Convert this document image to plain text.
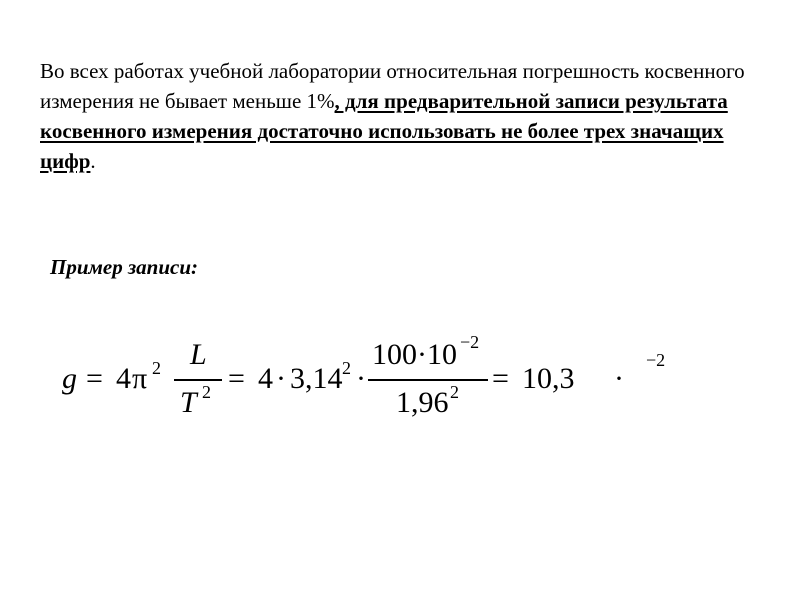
Во всех работах учебной лаборатории относительная погрешность косвенного измерения не бывает меньше 1%, для предварительной записи результата косвенного измерения достаточно использовать не более трех значащих цифр.
Пример записи:
g = 4 π 2 L
T 2 = 4 · 3,14 2 ·
100·10 −2
1,96 2 = 10,3 ·
−2
